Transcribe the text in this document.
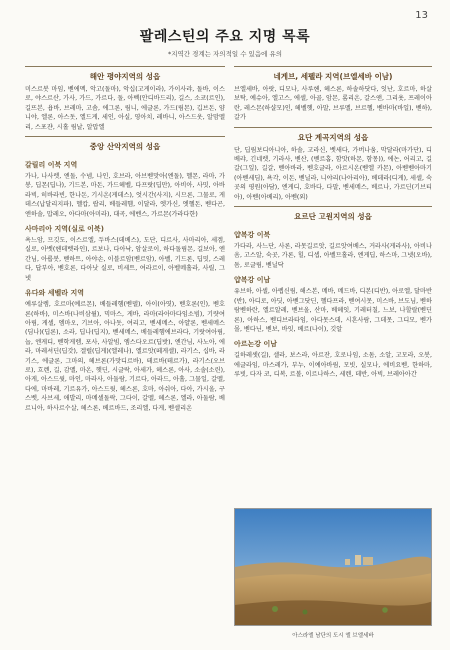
13
팔레스틴의 주요 지명 목록
*지역간 경계는 자의적일 수 있음에 유의
해안 평야지역의 성읍
미스르봇 마임, 벧에멕, 악고(돌마), 악십(고게이라), 가이사랴, 돌바, 이스로, 야스르산, 가사, 가드, 가르다, 돌, 아벡(안디바드리), 길스, 소코(르인), 길뜨본, 욥바, 브레마, 고솜, 에그론, 림니, 에글론, 가드(림몬), 깁브돈, 얌니야, 엘론, 아스돗, 엘드게, 세인, 아실, 영아치, 레바니, 아스드웃, 알맘멜리, 스포쟌, 시홀 림날, 알맙엘
중앙 산악지역의 성읍
갈릴리 이북 지역
가나, 나사렛, 엔돌, 수넴, 나인, 호브라, 아브벧맛아(엔돌), 헬몬, 라마, 가봉, 딥몬(딥나), 기드본, 마돈, 가드헤벨, 다프랏(딥만), 아비아, 사밋, 아바라빅, 히바라빈, 한나돈, 기시온(게데스), 엇시간(사지), 시므론, 그물로, 게데스(납달리지파), 헬캅, 랍리, 베들레헴, 이달라, 엣가신, 엣헬돈, 벧다곤, 엔하솔, 맙레오, 아다마(아미라), 대곡, 에벤스, 가르몬(가라다한)
사마리아 지역(실로 이북)
욕느암, 므깃도, 이스르엘, 두바스(데베스), 도단, 디르사, 사마리아, 세겜, 실로, 아벳(헨데벳라인), 르보나, 다아낙, 암살로이, 하다돌림몬, 길보아, 엔간님, 아룹봇, 벧하트, 아야손, 이블르암(벧르암), 아벨, 기드론, 딥밋, 스레다, 답부아, 벧호론, 다아낫 실로, 비세트, 여라르이, 아벨메홀라, 사릴, 그넷
유다와 세벨라 지역
예루살렘, 호르마(예르몬), 베들레헴(벧델), 아이(아엿), 벧호론(인), 벧호론(하바), 미스바(나비삼윌), 믹마스, 게바, 라마(라아마다임소빔), 기럇여아림, 게셀, 엠마오, 기브아, 아나돗, 여리고, 벧세메스, 아얄론, 벧세메스(딤나)(딥론), 소라, 딥나(딥지), 벧세메스, 베들레헴에브라다, 기랏여아림, 눕, 엔게디, 벧학게렘, 포사, 사알빔, 엠스다오르(딥밧), 엔간님, 사노아, 에라, 마레셔딘(딥갓), 겔럴(딥게)(엘레나), 엘르앗(떼게셀), 라기스, 십바, 라기스, 에글론, 그마의, 헤브론(가맛디르바), 테르바(테르가), 라기스(오브로), 흐렌, 길, 감멜, 마온, 헷딘, 시글락, 아세가, 헤스론, 아사, 소솔(소린), 아게, 아스드윗, 마인, 마라사, 아둘람, 기르다, 아라드, 아홀, 그물일, 갈멜, 다에, 마바레, 기르유가, 아스드윗, 헤스론, 호마, 아쉬아, 다아, 가시올, 구스벳, 사브세, 애발리, 마메셀돌락, 그다이, 갈멜, 헤스론, 엘라, 아둘람, 베르니아, 하사르수살, 헤스론, 베르바드, 조리엘, 다게, 벧셀리온
네게브, 세펠라 지역(브엘세바 이남)
브엘세바, 아랏, 디모나, 사루헨, 헤스론, 하솔하닷다, 잇난, 호르마, 하살보탁, 예슈아, 엘고스, 에셀, 아골, 암몬, 롬리온, 갈스앤, 그리욧, 프레이아란, 레스몬(하샬모)인, 헤벨헷, 아말, 브루멜, 브르헬, 벧바마(바일), 벧하), 갈가
요단 계곡지역의 성읍
단, 딥림보디아니아, 하솔, 고라신, 벳새다, 가버나움, 막달라(마가단), 디베랴, 긴네렛, 기라사, 벧산, (벧르홉, 함맛(하몬, 함몽)), 에논, 어리고, 길갈(그잎), 길갈, 벧아바라, 벧호글라, 아르시온(벧엘 카몬), 아벧벧아마기(아벧세딤), 욕각, 이돈, 벧닐라, 니야리(나아리아), 베데라(디게), 세셀, 숙곳의 평원(아담), 엔게디, 호바다, 다말, 벧세메스, 베르나, 가르딘(기브티아), 아벧(아베리), 아벧(외)
요르단 고원지역의 성읍
얍복강 이북
가다라, 사느단, 사론, 라못길르앗, 길르앗여베스, 거라사(게라사), 아비나옴, 고스알, 숙곳, 가론, 힐, 디셉, 아벨므홀라, 엔게딥, 하스마, 그넷(오바), 돔, 로글림, 벧닐닥
얍복강 이남
유브하, 아셀, 아렙신림, 해스본, 메바, 메드바, 디본(디반), 아로엘, 달마반(반), 아디로, 아딧, 아벧그닷딘, 헬다프라, 벧여시못, 미스바, 브도님, 벧하람벧하란, 엘르알레, 벧브올, 산마, 베헤잇, 기레터칠, 느보, 나할랄(벧딘론), 아하스, 벧디브라타임, 아다못스데, 시혼사람, 그데못, 그디모, 벧가몰, 벧다닌, 벧보, 바잇, 베르(나이), 깃알
아르논강 이남
길하레셋(길), 셀라, 보스라, 아르잔, 호로나임, 소돔, 소알, 고모라, 오봇, 에글라임, 마스레가, 부누, 이예아바림, 모빗, 실모나, 에비요벧, 한하마, 루빗, 다자 코, 디복, 르볼, 이르나하스, 세렌, 데반, 아빅, 브레아아간
아스라엘 남단의 도시 엘 브엘세바
